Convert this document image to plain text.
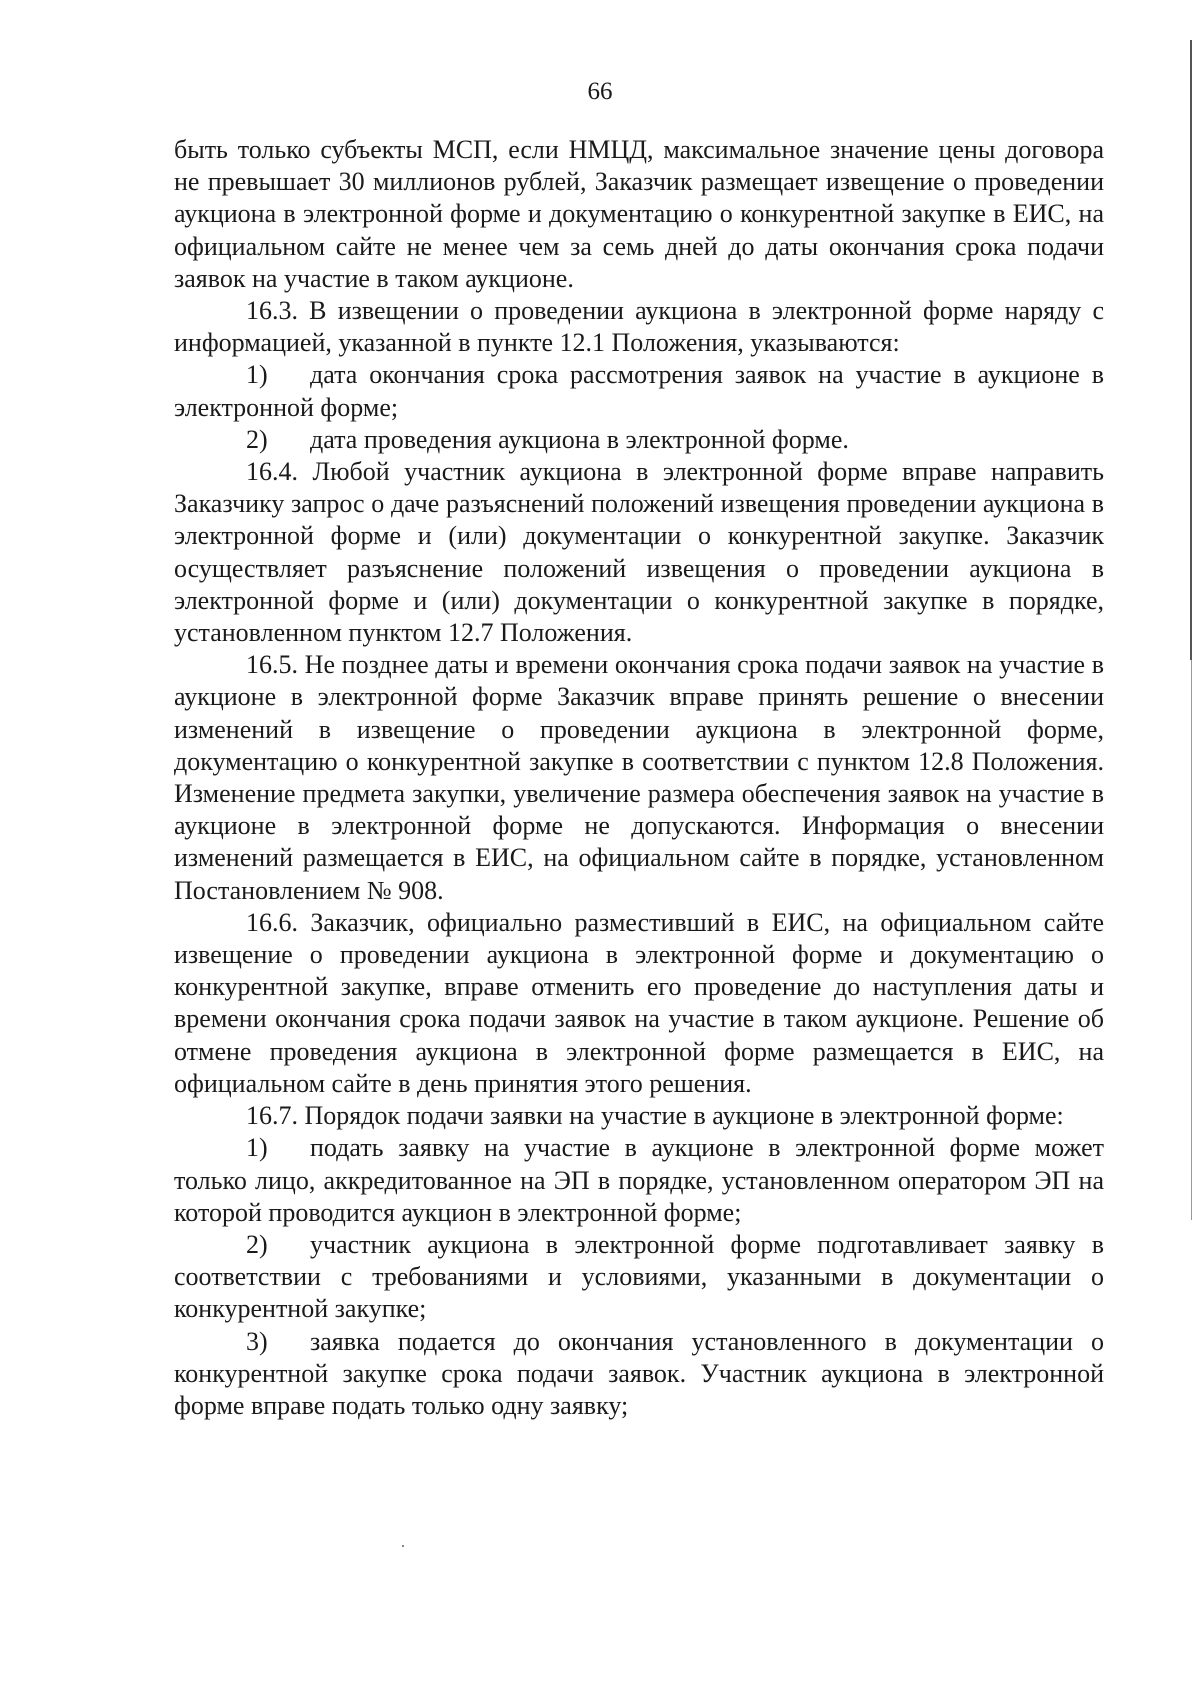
66

быть только субъекты МСП, если НМЦД, максимальное значение цены договора не превышает 30 миллионов рублей, Заказчик размещает извещение о проведении аукциона в электронной форме и документацию о конкурентной закупке в ЕИС, на официальном сайте не менее чем за семь дней до даты окончания срока подачи заявок на участие в таком аукционе.

16.3. В извещении о проведении аукциона в электронной форме наряду с информацией, указанной в пункте 12.1 Положения, указываются:

1) дата окончания срока рассмотрения заявок на участие в аукционе в электронной форме;

2) дата проведения аукциона в электронной форме.

16.4. Любой участник аукциона в электронной форме вправе направить Заказчику запрос о даче разъяснений положений извещения проведении аукциона в электронной форме и (или) документации о конкурентной закупке. Заказчик осуществляет разъяснение положений извещения о проведении аукциона в электронной форме и (или) документации о конкурентной закупке в порядке, установленном пунктом 12.7 Положения.

16.5. Не позднее даты и времени окончания срока подачи заявок на участие в аукционе в электронной форме Заказчик вправе принять решение о внесении изменений в извещение о проведении аукциона в электронной форме, документацию о конкурентной закупке в соответствии с пунктом 12.8 Положения. Изменение предмета закупки, увеличение размера обеспечения заявок на участие в аукционе в электронной форме не допускаются. Информация о внесении изменений размещается в ЕИС, на официальном сайте в порядке, установленном Постановлением № 908.

16.6. Заказчик, официально разместивший в ЕИС, на официальном сайте извещение о проведении аукциона в электронной форме и документацию о конкурентной закупке, вправе отменить его проведение до наступления даты и времени окончания срока подачи заявок на участие в таком аукционе. Решение об отмене проведения аукциона в электронной форме размещается в ЕИС, на официальном сайте в день принятия этого решения.

16.7. Порядок подачи заявки на участие в аукционе в электронной форме:

1) подать заявку на участие в аукционе в электронной форме может только лицо, аккредитованное на ЭП в порядке, установленном оператором ЭП на которой проводится аукцион в электронной форме;

2) участник аукциона в электронной форме подготавливает заявку в соответствии с требованиями и условиями, указанными в документации о конкурентной закупке;

3) заявка подается до окончания установленного в документации о конкурентной закупке срока подачи заявок. Участник аукциона в электронной форме вправе подать только одну заявку;
